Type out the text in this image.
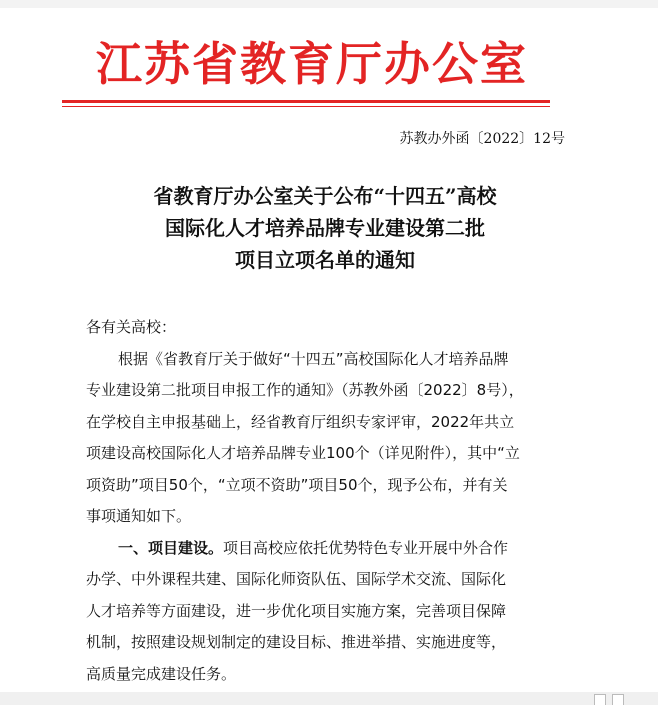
江苏省教育厅办公室
苏教办外函〔2022〕12号
省教育厅办公室关于公布“十四五”高校
国际化人才培养品牌专业建设第二批
项目立项名单的通知
各有关高校：
根据《省教育厅关于做好“十四五”高校国际化人才培养品牌
专业建设第二批项目申报工作的通知》（苏教外函〔2022〕8号），
在学校自主申报基础上，经省教育厅组织专家评审，2022年共立
项建设高校国际化人才培养品牌专业100个（详见附件），其中“立
项资助”项目50个，“立项不资助”项目50个，现予公布，并有关
事项通知如下。
一、项目建设。项目高校应依托优势特色专业开展中外合作
办学、中外课程共建、国际化师资队伍、国际学术交流、国际化
人才培养等方面建设，进一步优化项目实施方案，完善项目保障
机制，按照建设规划制定的建设目标、推进举措、实施进度等，
高质量完成建设任务。
